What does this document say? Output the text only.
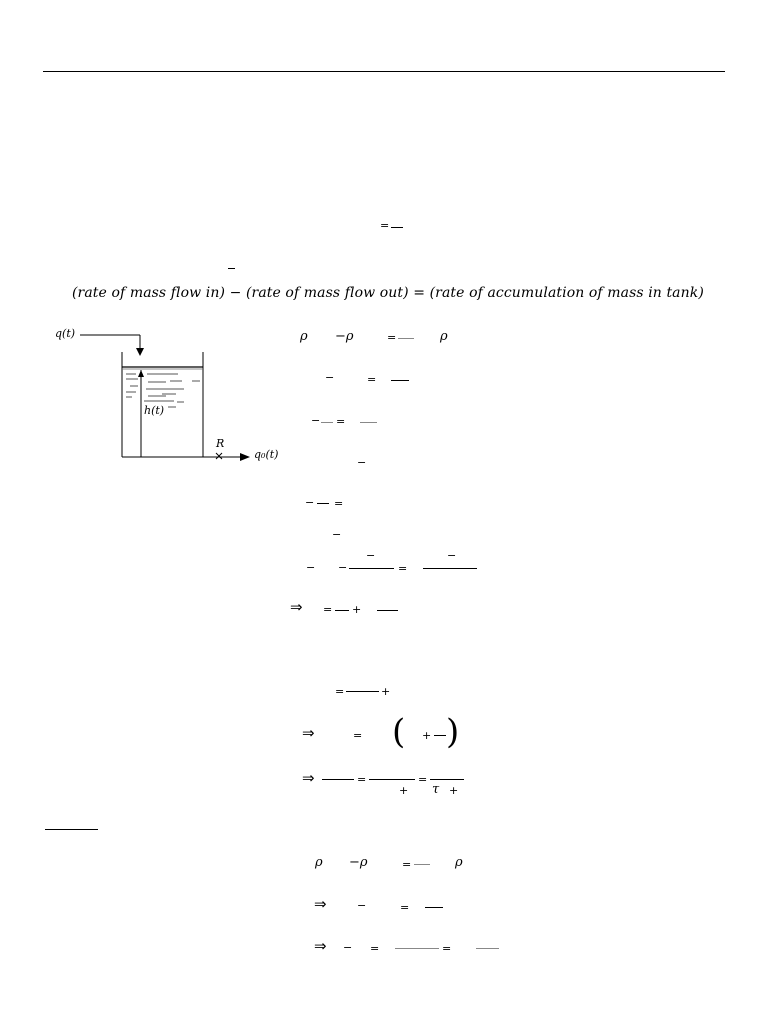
=
(rate of mass flow in) − (rate of mass flow out) = (rate of accumulation of mass in tank)
q(t)
h(t)
R
q₀(t)
ρ −ρ	=	ρ
−	=
− =
−
− =
−
− −
−
=
−
⇒ = +
=	+
⇒	= ( + )
⇒	=
+
=
τ +
ρ −ρ	=	ρ
⇒	−	=
⇒ − =	=
